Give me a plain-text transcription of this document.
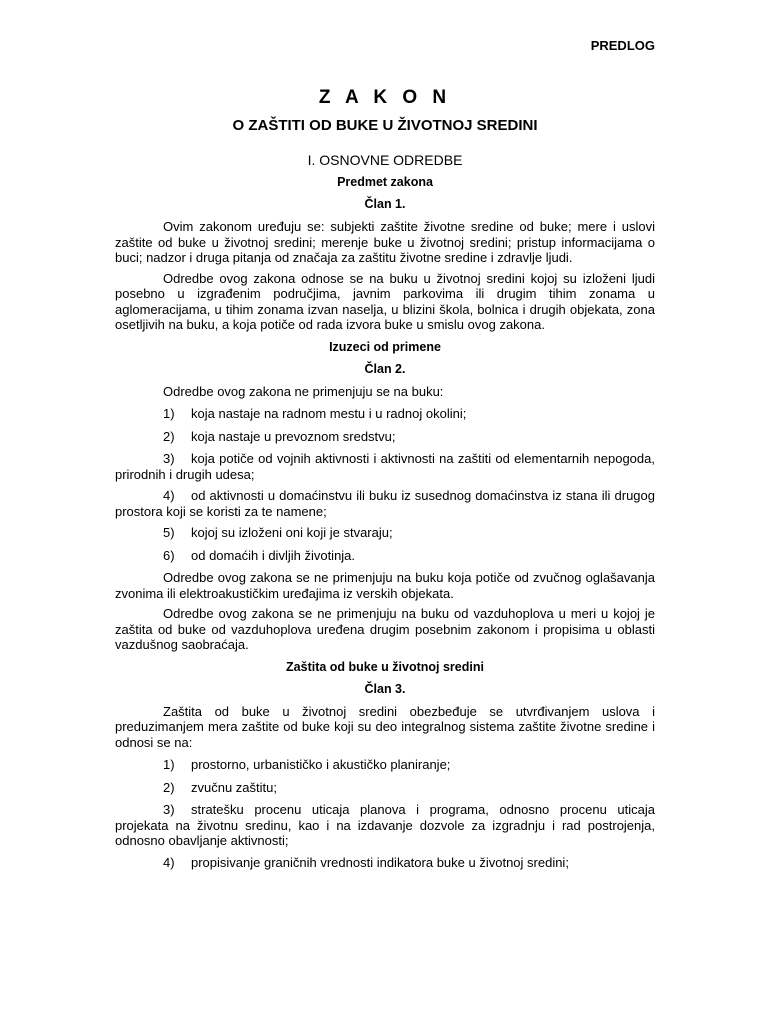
PREDLOG
Z A K O N
O ZAŠTITI OD BUKE U ŽIVOTNOJ SREDINI
I. OSNOVNE ODREDBE
Predmet zakona
Član 1.

Ovim zakonom uređuju se: subjekti zaštite životne sredine od buke; mere i uslovi zaštite od buke u životnoj sredini; merenje buke u životnoj sredini; pristup informacijama o buci; nadzor i druga pitanja od značaja za zaštitu životne sredine i zdravlje ljudi.

Odredbe ovog zakona odnose se na buku u životnoj sredini kojoj su izloženi ljudi posebno u izgrađenim područjima, javnim parkovima ili drugim tihim zonama u aglomeracijama, u tihim zonama izvan naselja, u blizini škola, bolnica i drugih objekata, zona osetljivih na buku, a koja potiče od rada izvora buke u smislu ovog zakona.

Izuzeci od primene
Član 2.

Odredbe ovog zakona ne primenjuju se na buku:

1) koja nastaje na radnom mestu i u radnoj okolini;
2) koja nastaje u prevoznom sredstvu;
3) koja potiče od vojnih aktivnosti i aktivnosti na zaštiti od elementarnih nepogoda, prirodnih i drugih udesa;
4) od aktivnosti u domaćinstvu ili buku iz susednog domaćinstva iz stana ili drugog prostora koji se koristi za te namene;
5) kojoj su izloženi oni koji je stvaraju;
6) od domaćih i divljih životinja.

Odredbe ovog zakona se ne primenjuju na buku koja potiče od zvučnog oglašavanja zvonima ili elektroakustičkim uređajima iz verskih objekata.

Odredbe ovog zakona se ne primenjuju na buku od vazduhoplova u meri u kojoj je zaštita od buke od vazduhoplova uređena drugim posebnim zakonom i propisima u oblasti vazdušnog saobraćaja.

Zaštita od buke u životnoj sredini
Član 3.

Zaštita od buke u životnoj sredini obezbeđuje se utvrđivanjem uslova i preduzimanjem mera zaštite od buke koji su deo integralnog sistema zaštite životne sredine i odnosi se na:

1) prostorno, urbanističko i akustičko planiranje;
2) zvučnu zaštitu;
3) stratešku procenu uticaja planova i programa, odnosno procenu uticaja projekata na životnu sredinu, kao i na izdavanje dozvole za izgradnju i rad postrojenja, odnosno obavljanje aktivnosti;
4) propisivanje graničnih vrednosti indikatora buke u životnoj sredini;
